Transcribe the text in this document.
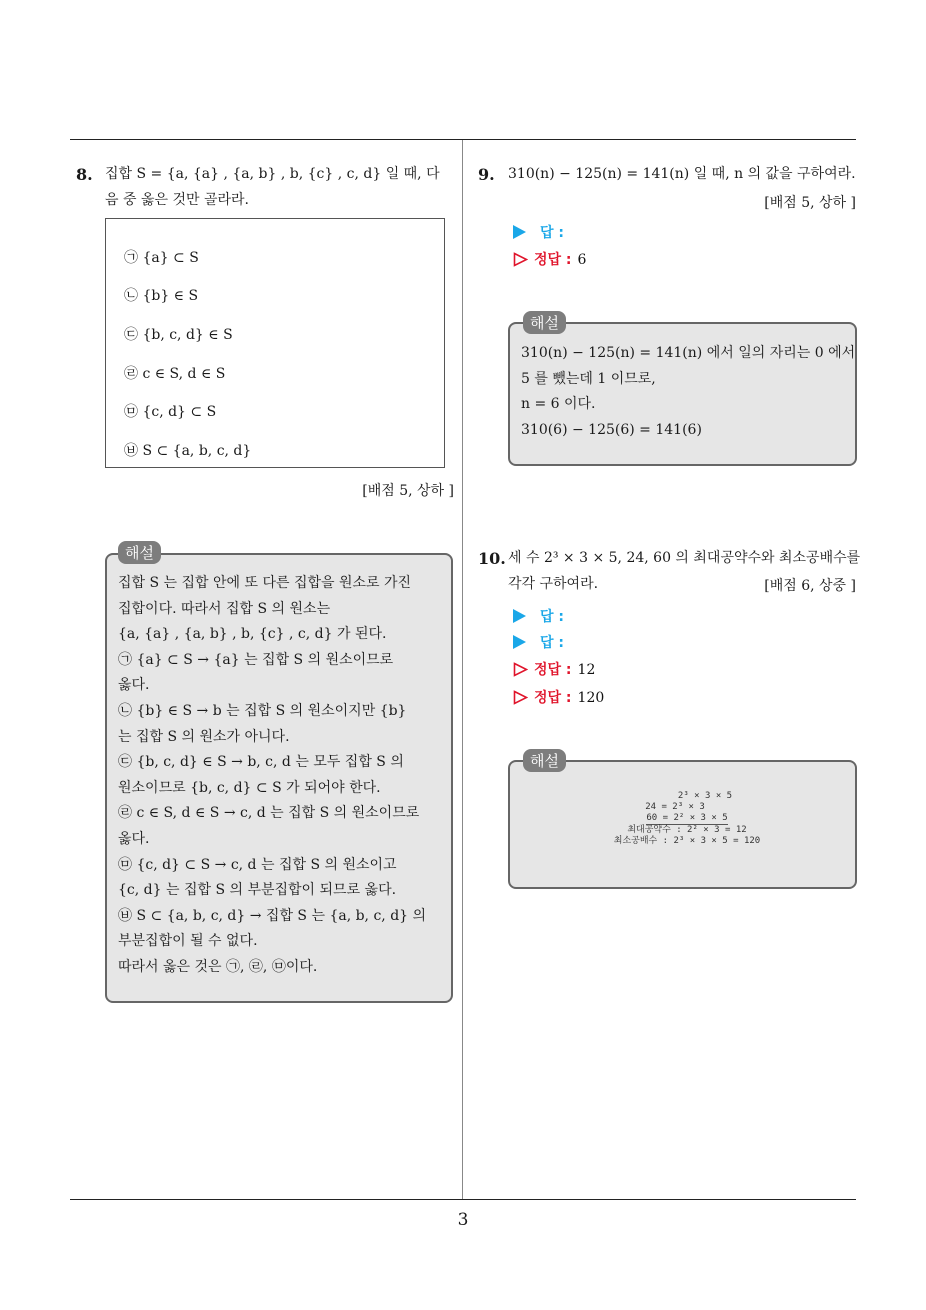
3
8. 집합 S = {a, {a} , {a, b} , b, {c} , c, d} 일 때, 다
음 중 옳은 것만 골라라.
㉠ {a} ⊂ S
㉡ {b} ∈ S
㉢ {b, c, d} ∈ S
㉣ c ∈ S, d ∈ S
㉤ {c, d} ⊂ S
㉥ S ⊂ {a, b, c, d}
[배점 5, 상하 ]
해설
집합 S 는 집합 안에 또 다른 집합을 원소로 가진
집합이다. 따라서 집합 S 의 원소는
{a, {a} , {a, b} , b, {c} , c, d} 가 된다.
㉠ {a} ⊂ S → {a} 는 집합 S 의 원소이므로
옳다.
㉡ {b} ∈ S → b 는 집합 S 의 원소이지만 {b}
는 집합 S 의 원소가 아니다.
㉢ {b, c, d} ∈ S → b, c, d 는 모두 집합 S 의
원소이므로 {b, c, d} ⊂ S 가 되어야 한다.
㉣ c ∈ S, d ∈ S → c, d 는 집합 S 의 원소이므로
옳다.
㉤ {c, d} ⊂ S → c, d 는 집합 S 의 원소이고
{c, d} 는 집합 S 의 부분집합이 되므로 옳다.
㉥ S ⊂ {a, b, c, d} → 집합 S 는 {a, b, c, d} 의
부분집합이 될 수 없다.
따라서 옳은 것은 ㉠, ㉣, ㉤이다.
9. 310(n) − 125(n) = 141(n) 일 때, n 의 값을 구하여라.
[배점 5, 상하 ]
답 :
정답 : 6
해설
310(n) − 125(n) = 141(n) 에서 일의 자리는 0 에서
5 를 뺐는데 1 이므로,
n = 6 이다.
310(6) − 125(6) = 141(6)
10. 세 수 2³ × 3 × 5, 24, 60 의 최대공약수와 최소공배수를
각각 구하여라.	[배점 6, 상중 ]
답 :
답 :
정답 : 12
정답 : 120
해설
2³ × 3 × 5
24 = 2³ × 3
60 = 2² × 3 × 5
최대공약수 : 2² × 3 = 12
최소공배수 : 2³ × 3 × 5 = 120
